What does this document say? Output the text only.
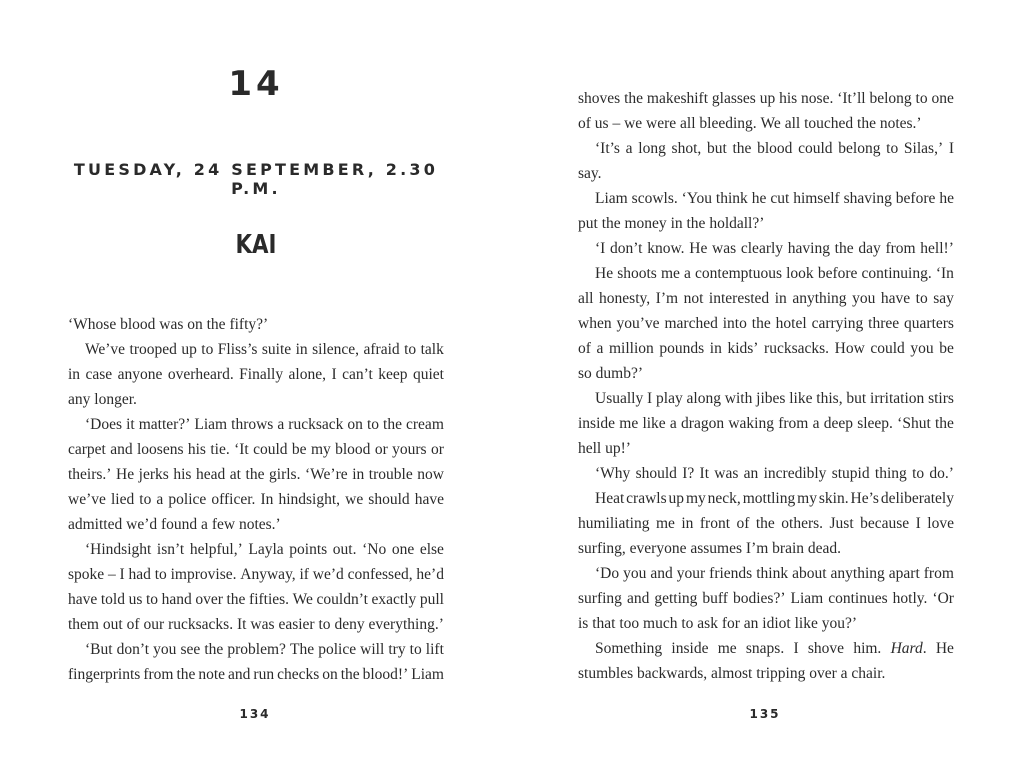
14
TUESDAY, 24 SEPTEMBER, 2.30 P.M.
KAI
‘Whose
blood
was
on
the
fifty?’
We’ve trooped up to Fliss’s suite in silence, afraid to talk
in case anyone overheard. Finally alone, I can’t keep quiet
any
longer.
‘Does it matter?’ Liam throws a rucksack on to the cream
carpet and loosens his tie. ‘It could be my blood or yours or
theirs.’ He jerks his head at the girls. ‘We’re in trouble now
we’ve lied to a police officer. In hindsight, we should have
admitted
we’d
found
a
few
notes.’
‘Hindsight isn’t helpful,’ Layla points out. ‘No one else
spoke – I had to improvise. Anyway, if we’d confessed, he’d
have told us to hand over the fifties. We couldn’t exactly pull
them out of our rucksacks. It was easier to deny everything.’
‘But don’t you see the problem? The police will try to lift
fingerprints from the note and run checks on the blood!’ Liam
134
shoves the makeshift glasses up his nose. ‘It’ll belong to one
of
us
–
we
were
all
bleeding.
We
all
touched
the
notes.’
‘It’s a long shot, but the blood could belong to Silas,’ I
say.
Liam scowls. ‘You think he cut himself shaving before he
put
the
money
in
the
holdall?’
‘I don’t know. He was clearly having the day from hell!’
He shoots me a contemptuous look before continuing. ‘In
all honesty, I’m not interested in anything you have to say
when you’ve marched into the hotel carrying three quarters
of a million pounds in kids’ rucksacks. How could you be
so
dumb?’
Usually I play along with jibes like this, but irritation stirs
inside me like a dragon waking from a deep sleep. ‘Shut the
hell
up!’
‘Why should I? It was an incredibly stupid thing to do.’
Heat crawls up my neck, mottling my skin. He’s deliberately
humiliating me in front of the others. Just because I love
surfing,
everyone
assumes
I’m
brain
dead.
‘Do you and your friends think about anything apart from
surfing and getting buff bodies?’ Liam continues hotly. ‘Or
is
that
too
much
to
ask
for
an
idiot
like
you?’
Something inside me snaps. I shove him. Hard. He
stumbles
backwards,
almost
tripping
over
a
chair.
135
